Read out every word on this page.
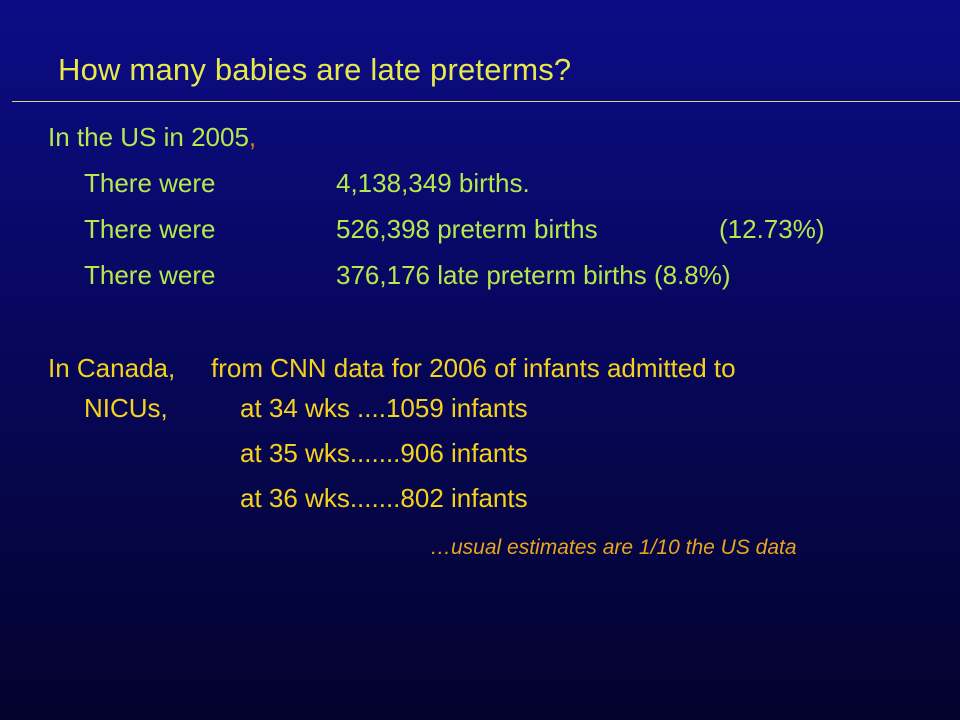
How many babies are late preterms?
In the US in 2005,
There were	4,138,349 births.
There were	526,398 preterm births	(12.73%)
There were	376,176 late preterm births (8.8%)
In Canada, from CNN data for 2006 of infants admitted to
NICUs,	at 34 wks ....1059 infants
at 35 wks.......906 infants
at 36 wks.......802 infants
…usual estimates are 1/10 the US data
